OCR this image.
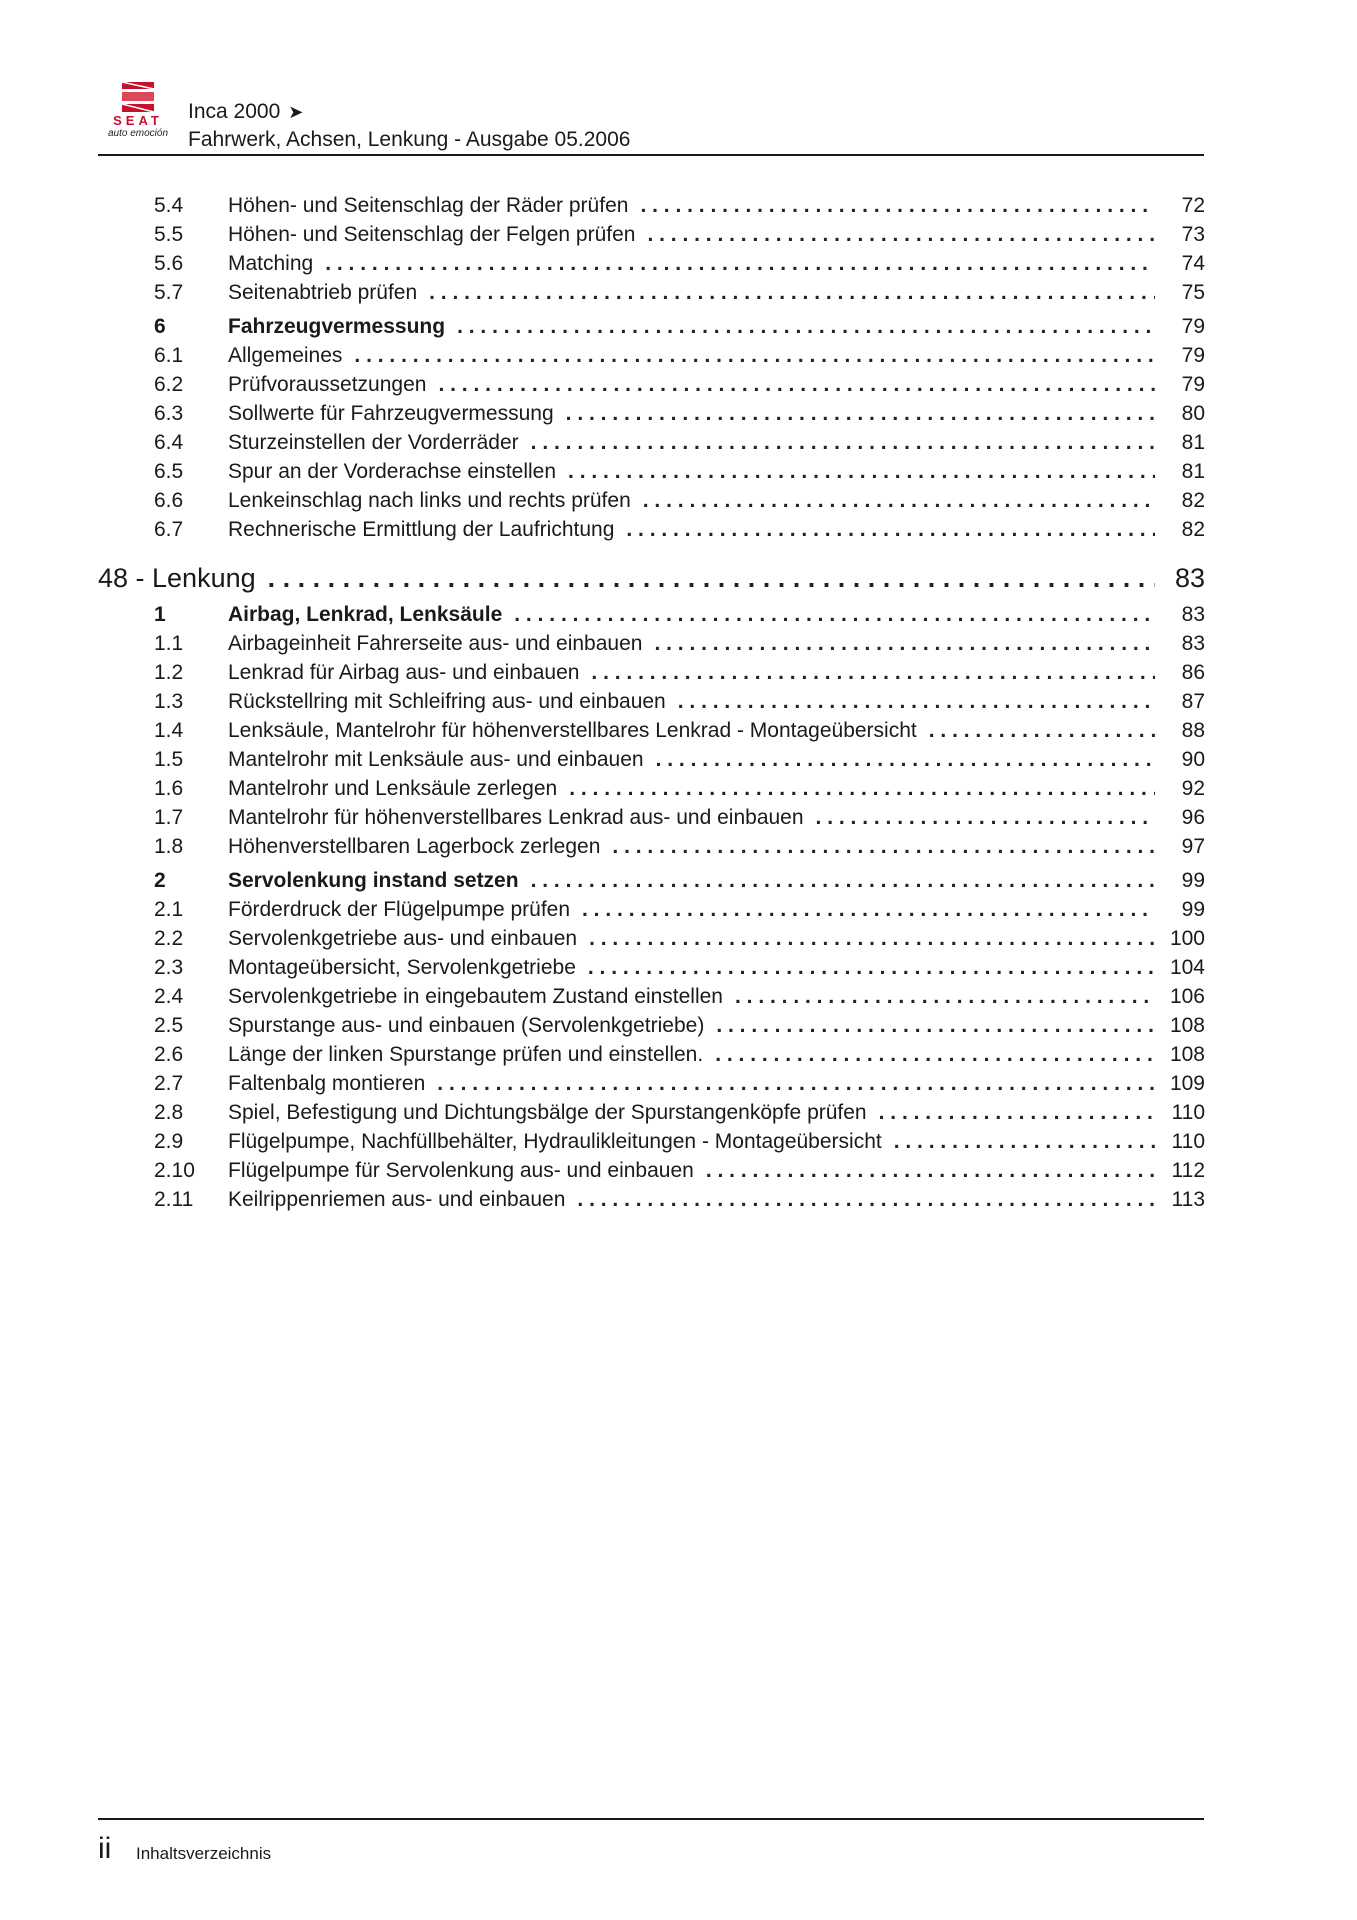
SEAT
auto emoción
Inca 2000 ➤
Fahrwerk, Achsen, Lenkung - Ausgabe 05.2006
5.4 Höhen- und Seitenschlag der Räder prüfen . . .	72
5.5 Höhen- und Seitenschlag der Felgen prüfen . . .	73
5.6 Matching . . .	74
5.7 Seitenabtrieb prüfen . . .	75
6	Fahrzeugvermessung . . .	79
6.1 Allgemeines . . .	79
6.2 Prüfvoraussetzungen . . .	79
6.3 Sollwerte für Fahrzeugvermessung . . .	80
6.4 Sturzeinstellen der Vorderräder . . .	81
6.5 Spur an der Vorderachse einstellen . . .	81
6.6 Lenkeinschlag nach links und rechts prüfen . . .	82
6.7 Rechnerische Ermittlung der Laufrichtung . . .	82
48 - Lenkung . . .	83
1	Airbag, Lenkrad, Lenksäule . . .	83
1.1 Airbageinheit Fahrerseite aus- und einbauen . . .	83
1.2 Lenkrad für Airbag aus- und einbauen . . .	86
1.3 Rückstellring mit Schleifring aus- und einbauen . . .	87
1.4 Lenksäule, Mantelrohr für höhenverstellbares Lenkrad - Montageübersicht . . .	88
1.5 Mantelrohr mit Lenksäule aus- und einbauen . . .	90
1.6 Mantelrohr und Lenksäule zerlegen . . .	92
1.7 Mantelrohr für höhenverstellbares Lenkrad aus- und einbauen . . .	96
1.8 Höhenverstellbaren Lagerbock zerlegen . . .	97
2	Servolenkung instand setzen . . .	99
2.1 Förderdruck der Flügelpumpe prüfen . . .	99
2.2 Servolenkgetriebe aus- und einbauen . . .	100
2.3 Montageübersicht, Servolenkgetriebe . . .	104
2.4 Servolenkgetriebe in eingebautem Zustand einstellen . . .	106
2.5 Spurstange aus- und einbauen (Servolenkgetriebe) . . .	108
2.6 Länge der linken Spurstange prüfen und einstellen. . . .	108
2.7 Faltenbalg montieren . . .	109
2.8 Spiel, Befestigung und Dichtungsbälge der Spurstangenköpfe prüfen . . .	110
2.9 Flügelpumpe, Nachfüllbehälter, Hydraulikleitungen - Montageübersicht . . .	110
2.10 Flügelpumpe für Servolenkung aus- und einbauen . . .	112
2.11 Keilrippenriemen aus- und einbauen . . .	113
ii Inhaltsverzeichnis
